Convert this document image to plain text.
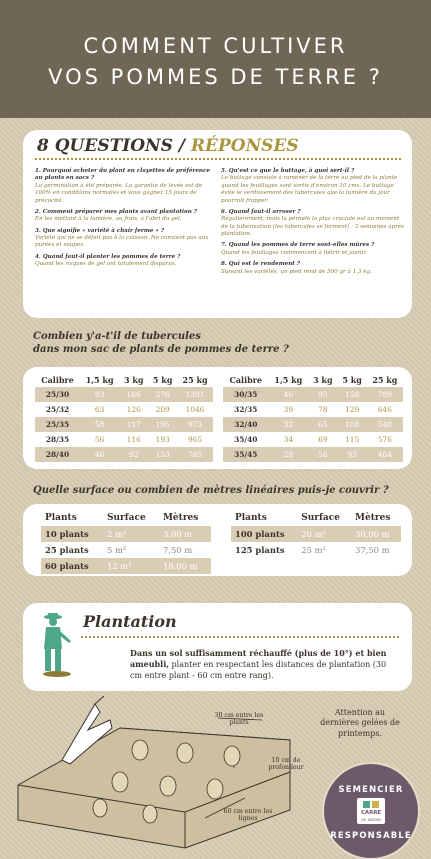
COMMENT CULTIVER
VOS POMMES DE TERRE ?
8 QUESTIONS / RÉPONSES
1. Pourquoi acheter du plant en clayettes de préférence au plants en sacs ?
La germination a été préparée. La garantie de levée est de 100% en conditions normales et vous gagnez 15 jours de précocité.
2. Comment préparer mes plants avant plantation ?
En les mettant à la lumière, au frais, à l'abri du gel.
3. Que signifie « variété à chair ferme » ?
Variété qui ne se défait pas à la cuisson. Ne convient pas aux purées et soupes.
4. Quand faut-il planter les pommes de terre ?
Quand les risques de gel ont totalement disparus.
5. Qu'est ce que le buttage, à quoi sert-il ?
Le buttage consiste à ramener de la terre au pied de la plante quand les feuillages sont sortis d'environ 10 cms. Le buttage évite le verdissement des tubercules que la lumière du jour pourrait frapper.
6. Quand faut-il arroser ?
Régulièrement, mais la période la plus cruciale est au moment de la tubérisation (les tubercules se forment) : 3 semaines après plantation.
7. Quand les pommes de terre sont-elles mûres ?
Quand les feuillages commencent à flétrir et jaunir.
8. Qui est le rendement ?
Suivant les variétés, un pied rend de 500 gr à 1,3 kg.
Combien y'a-t'il de tubercules
dans mon sac de plants de pommes de terre ?
Calibre	1,5 kg	3 kg	5 kg	25 kg
25/30	83	166	276	1381
25/32	63	126	209	1046
25/35	58	117	195	973
28/35	56	116	193	965
28/40	46	92	153	765
Calibre	1,5 kg	3 kg	5 kg	25 kg
30/35	46	95	158	789
32/35	39	78	129	646
32/40	32	65	108	540
35/40	34	69	115	576
35/45	28	56	93	464
Quelle surface ou combien de mètres linéaires puis-je couvrir ?
Plants	Surface	Mètres
10 plants	2 m²	3,00 m
25 plants	5 m²	7,50 m
60 plants	12 m²	18,00 m
Plants	Surface	Mètres
100 plants	20 m²	30,00 m
125 plants	25 m²	37,50 m
Plantation
Dans un sol suffisamment réchauffé (plus de 10°) et bien ameubli, planter en respectant les distances de plantation (30 cm entre plant - 60 cm entre rang).
30 cm entre les plants
10 cm de profondeur
60 cm entre les lignes
Attention au dernières gelées de printemps.
SEMENCIER
CARRE
DE JARDIN
RESPONSABLE
